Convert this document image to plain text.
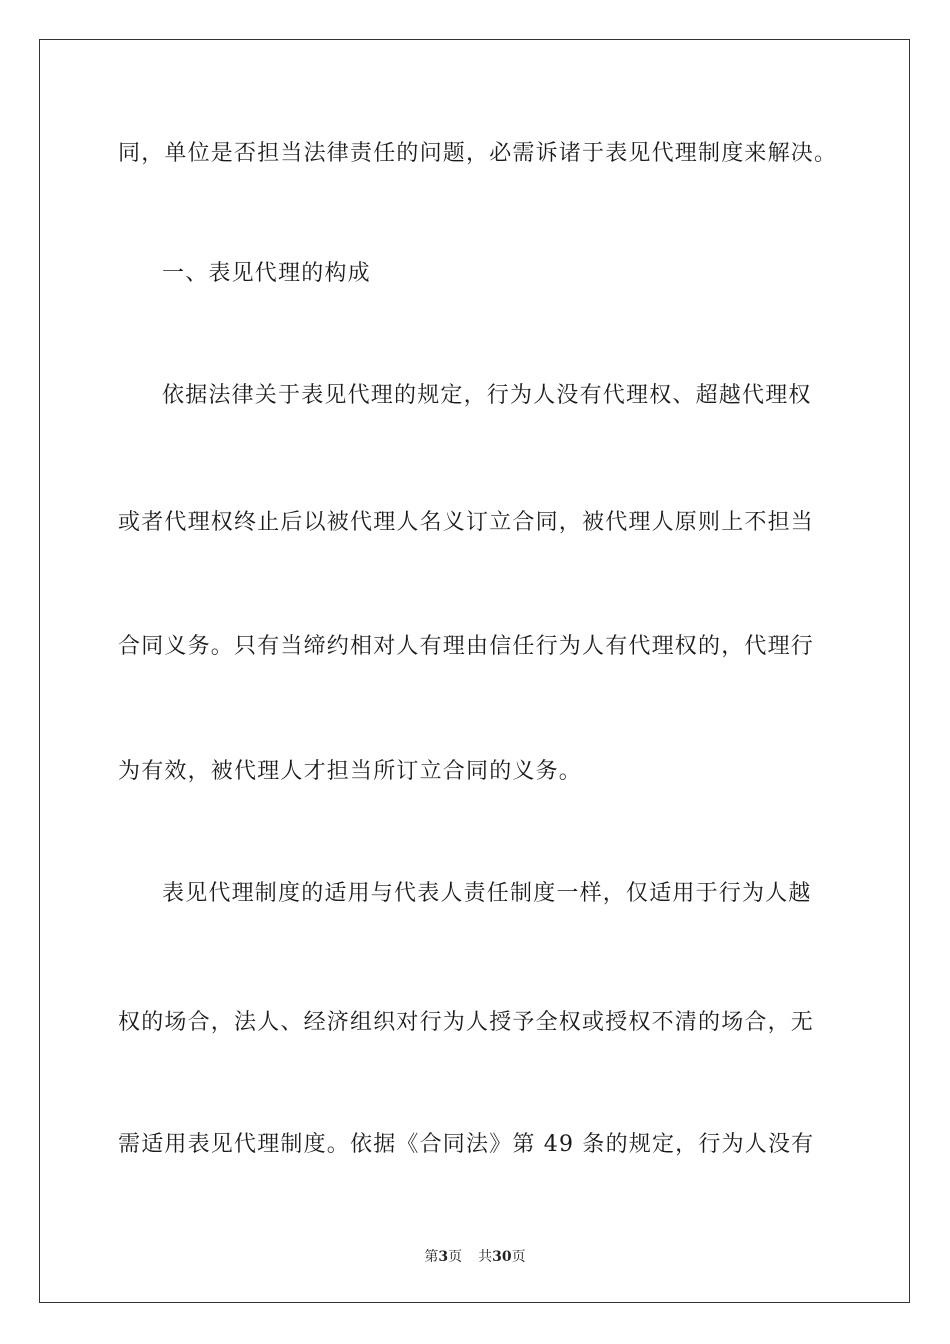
同，单位是否担当法律责任的问题，必需诉诸于表见代理制度来解决。
一、表见代理的构成
依据法律关于表见代理的规定，行为人没有代理权、超越代理权
或者代理权终止后以被代理人名义订立合同，被代理人原则上不担当
合同义务。只有当缔约相对人有理由信任行为人有代理权的，代理行
为有效，被代理人才担当所订立合同的义务。
表见代理制度的适用与代表人责任制度一样，仅适用于行为人越
权的场合，法人、经济组织对行为人授予全权或授权不清的场合，无
需适用表见代理制度。依据《合同法》第 49 条的规定，行为人没有
第3页 共30页
